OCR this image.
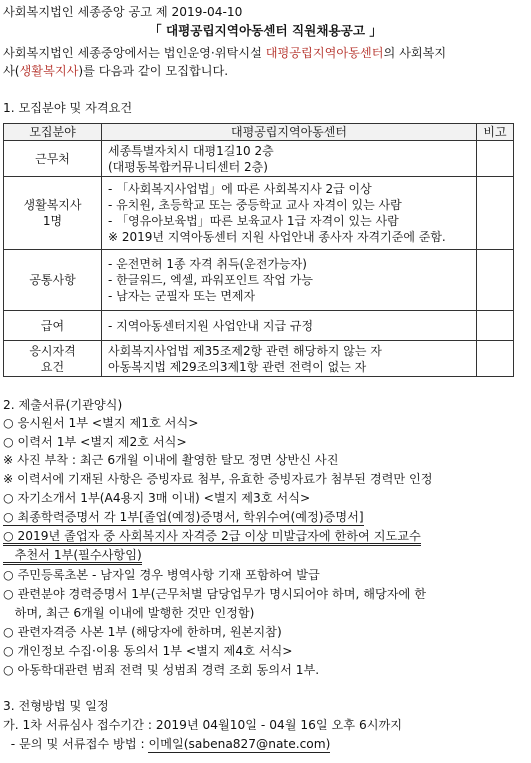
사회복지법인 세종중앙 공고 제 2019-04-10
「 대평공립지역아동센터 직원채용공고 」
사회복지법인 세종중앙에서는 법인운영·위탁시설 대평공립지역아동센터의 사회복지
사(생활복지사)를 다음과 같이 모집합니다.
1. 모집분야 및 자격요건
모집분야	대평공립지역아동센터	비고
근무처	세종특별자치시 대평1길10 2층
(대평동복합커뮤니티센터 2층)	

생활복지사
1명	- 「사회복지사업법」에 따른 사회복지사 2급 이상
- 유치원, 초등학교 또는 중등학교 교사 자격이 있는 사람
- 「영유아보육법」따른 보육교사 1급 자격이 있는 사람
※ 2019년 지역아동센터 지원 사업안내 종사자 자격기준에 준함.	

공통사항	- 운전면허 1종 자격 취득(운전가능자)
- 한글워드, 엑셀, 파워포인트 작업 가능
- 남자는 군필자 또는 면제자	

급여	- 지역아동센터지원 사업안내 지급 규정	

응시자격
요건	사회복지사업법 제35조제2항 관련 해당하지 않는 자
아동복지법 제29조의3제1항 관련 전력이 없는 자	

2. 제출서류(기관양식)
○ 응시원서 1부 <별지 제1호 서식>
○ 이력서 1부 <별지 제2호 서식>
※ 사진 부착 : 최근 6개월 이내에 촬영한 탈모 정면 상반신 사진
※ 이력서에 기재된 사항은 증빙자료 첨부, 유효한 증빙자료가 첨부된 경력만 인정
○ 자기소개서 1부(A4용지 3매 이내) <별지 제3호 서식>
○ 최종학력증명서 각 1부[졸업(예정)증명서, 학위수여(예정)증명서]
○ 2019년 졸업자 중 사회복지사 자격증 2급 이상 미발급자에 한하여 지도교수
추천서 1부(필수사항임)
○ 주민등록초본 - 남자일 경우 병역사항 기재 포함하여 발급
○ 관련분야 경력증명서 1부(근무처별 담당업무가 명시되어야 하며, 해당자에 한
하며, 최근 6개월 이내에 발행한 것만 인정함)
○ 관련자격증 사본 1부 (해당자에 한하며, 원본지참)
○ 개인정보 수집·이용 동의서 1부 <별지 제4호 서식>
○ 아동학대관련 범죄 전력 및 성범죄 경력 조회 동의서 1부.
3. 전형방법 및 일정
가. 1차 서류심사 접수기간 : 2019년 04월10일 - 04월 16일 오후 6시까지
- 문의 및 서류접수 방법 : 이메일(sabena827@nate.com)
